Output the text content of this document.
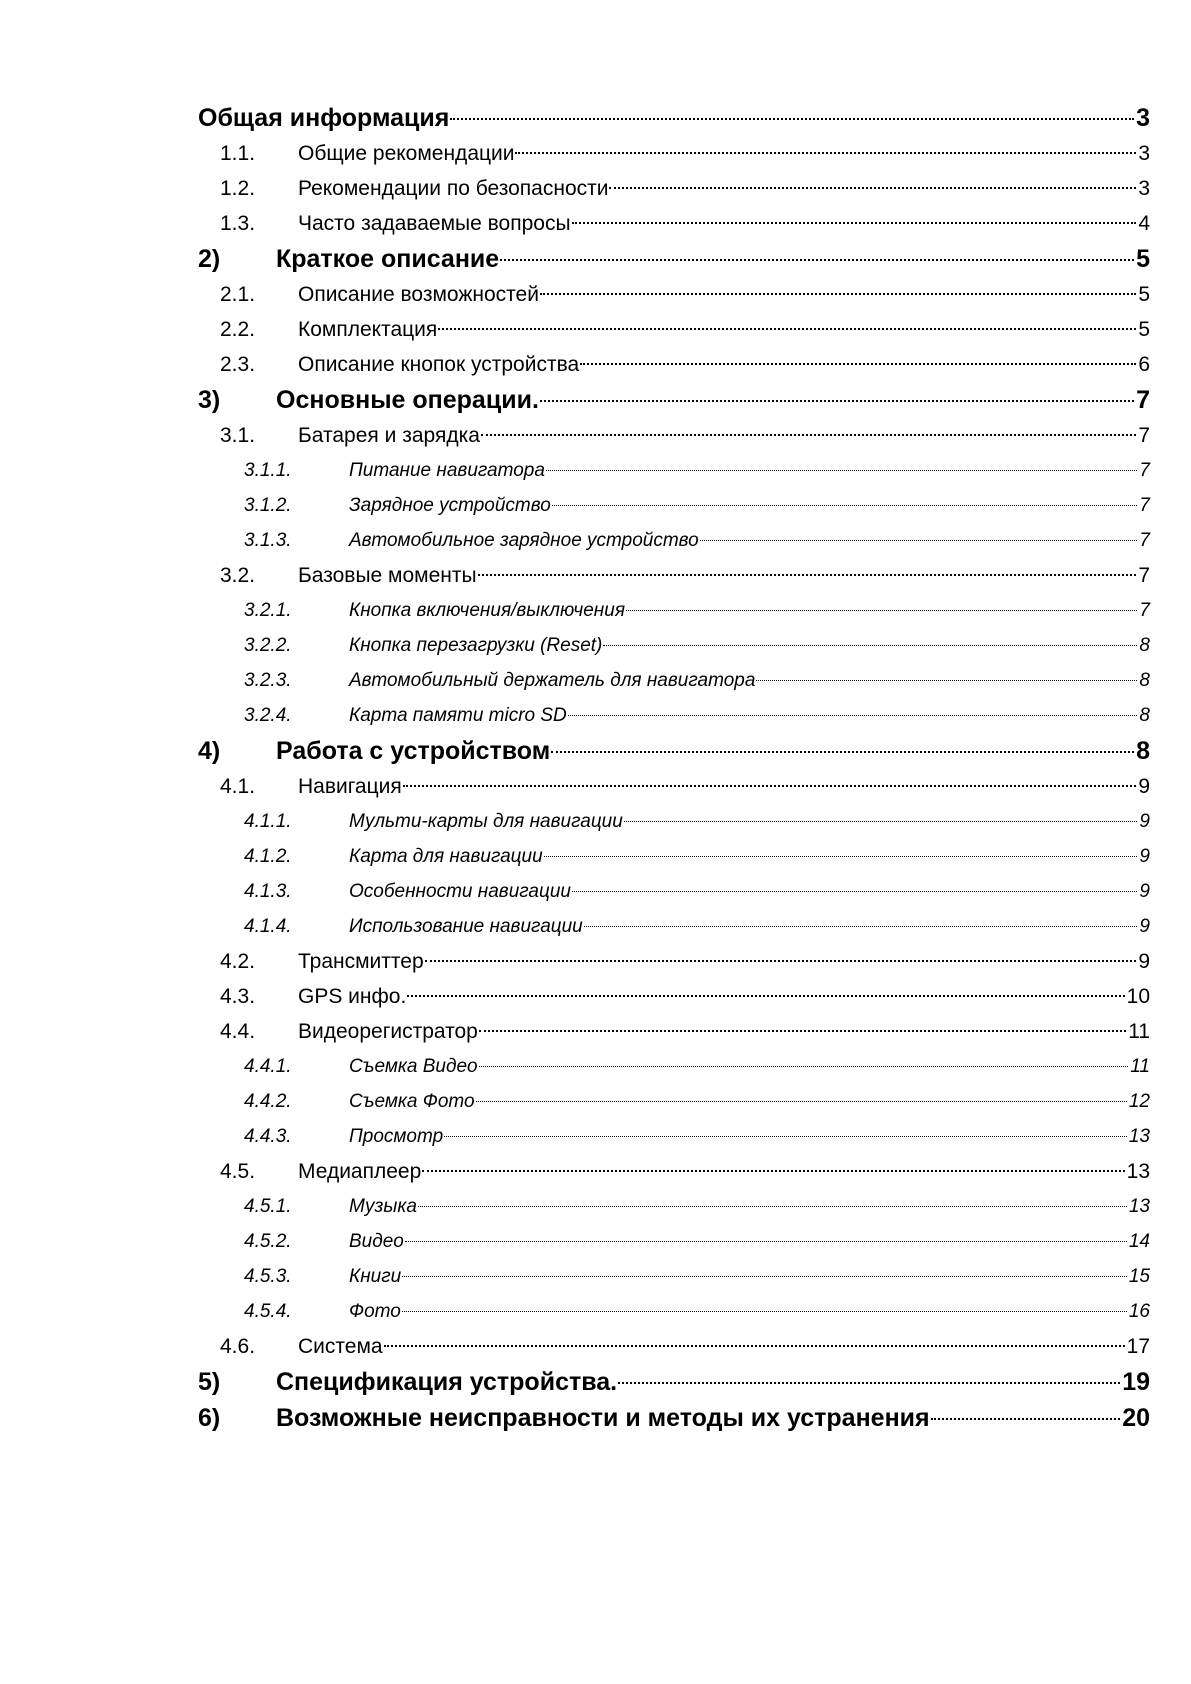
Общая информация	3
1.1.	Общие рекомендации	3
1.2.	Рекомендации по безопасности	3
1.3.	Часто задаваемые вопросы	4
2)	Краткое описание	5
2.1.	Описание возможностей	5
2.2.	Комплектация	5
2.3.	Описание кнопок устройства	6
3)	Основные операции.	7
3.1.	Батарея и зарядка	7
3.1.1.	Питание навигатора	7
3.1.2.	Зарядное устройство	7
3.1.3.	Автомобильное зарядное устройство	7
3.2.	Базовые моменты	7
3.2.1.	Кнопка включения/выключения	7
3.2.2.	Кнопка перезагрузки (Reset)	8
3.2.3.	Автомобильный держатель для навигатора	8
3.2.4.	Карта памяти micro SD	8
4)	Работа с устройством	8
4.1.	Навигация	9
4.1.1.	Мульти-карты для навигации	9
4.1.2.	Карта для навигации	9
4.1.3.	Особенности навигации	9
4.1.4.	Использование навигации	9
4.2.	Трансмиттер	9
4.3.	GPS инфо.	10
4.4.	Видеорегистратор	11
4.4.1.	Съемка Видео	11
4.4.2.	Съемка Фото	12
4.4.3.	Просмотр	13
4.5.	Медиаплеер	13
4.5.1.	Музыка	13
4.5.2.	Видео	14
4.5.3.	Книги	15
4.5.4.	Фото	16
4.6.	Система	17
5)	Спецификация устройства.	19
6)	Возможные неисправности и методы их устранения	20
